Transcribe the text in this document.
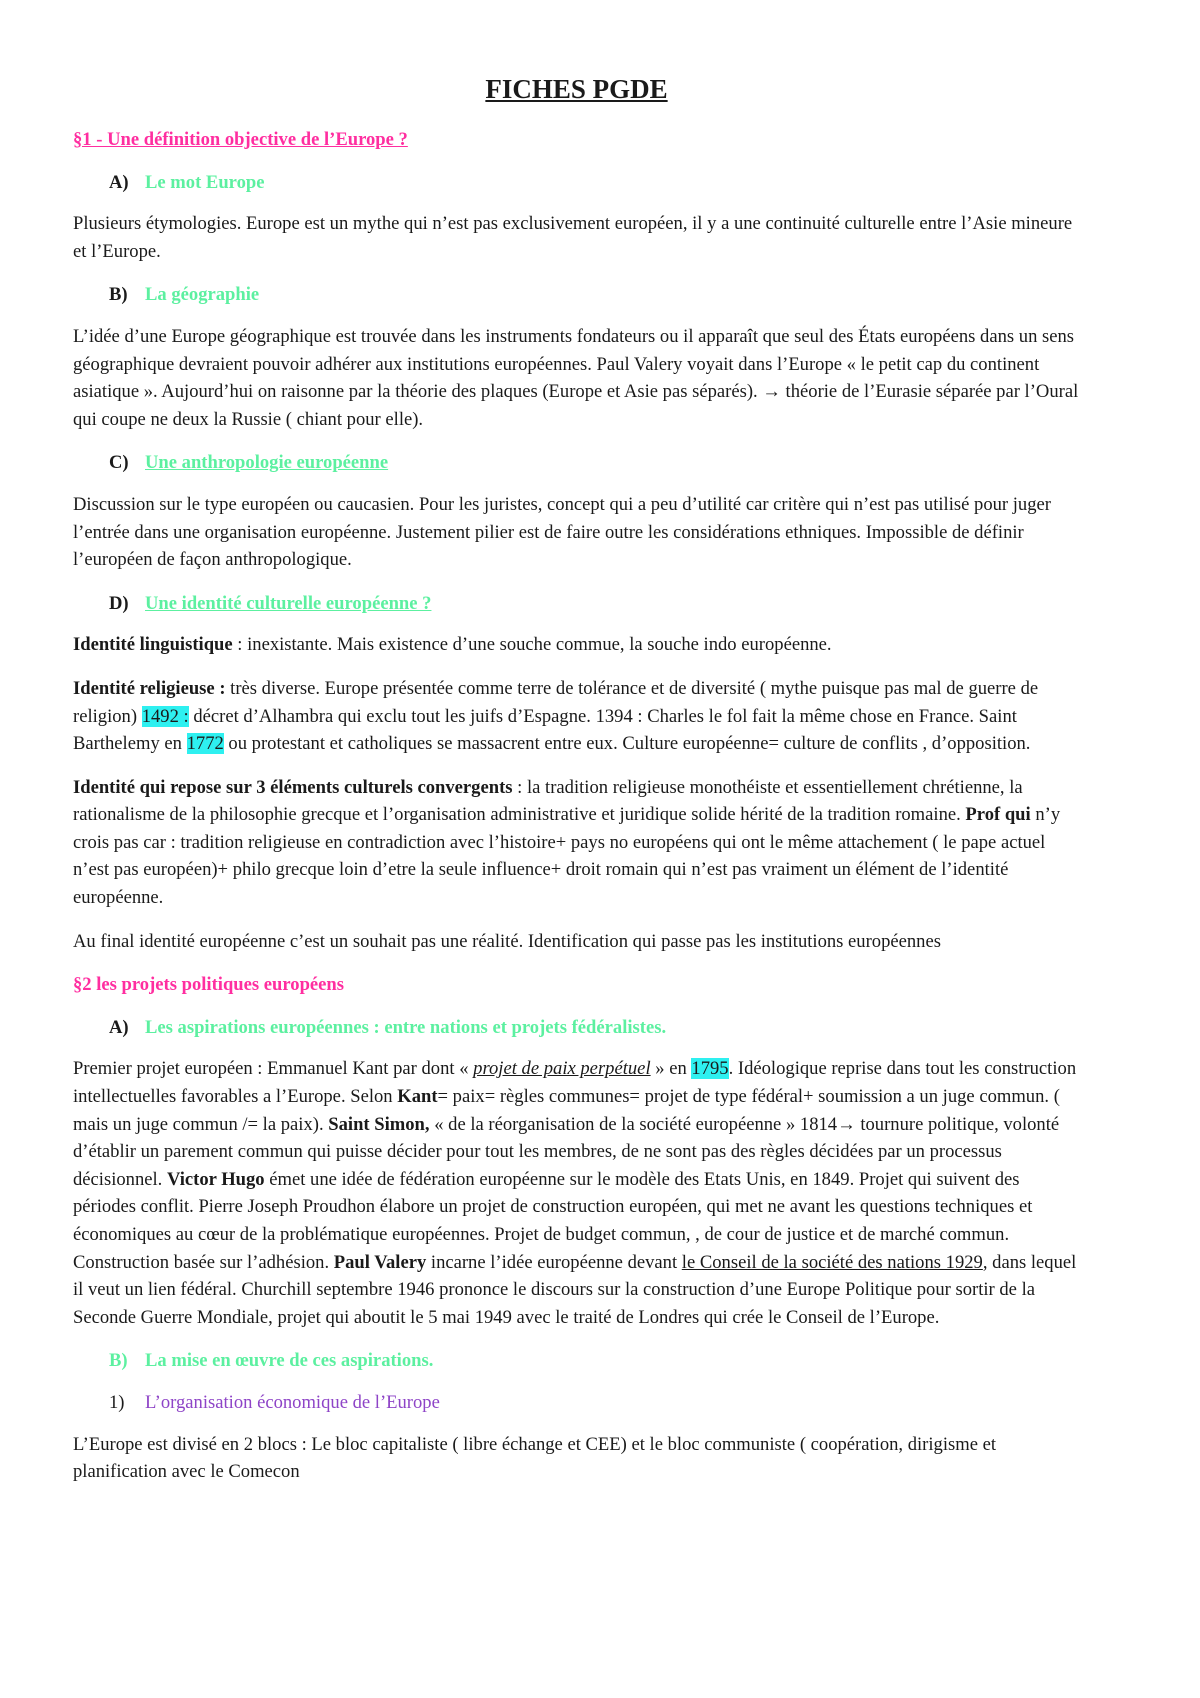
FICHES PGDE
§1 - Une définition objective de l’Europe ?
A) Le mot Europe

Plusieurs étymologies. Europe est un mythe qui n’est pas exclusivement européen, il y a une continuité culturelle entre l’Asie mineure et l’Europe.

B) La géographie

L’idée d’une Europe géographique est trouvée dans les instruments fondateurs ou il apparaît que seul des États européens dans un sens géographique devraient pouvoir adhérer aux institutions européennes. Paul Valery voyait dans l’Europe « le petit cap du continent asiatique ». Aujourd’hui on raisonne par la théorie des plaques (Europe et Asie pas séparés). → théorie de l’Eurasie séparée par l’Oural qui coupe ne deux la Russie ( chiant pour elle).

C) Une anthropologie européenne

Discussion sur le type européen ou caucasien. Pour les juristes, concept qui a peu d’utilité car critère qui n’est pas utilisé pour juger l’entrée dans une organisation européenne. Justement pilier est de faire outre les considérations ethniques. Impossible de définir l’européen de façon anthropologique.

D) Une identité culturelle européenne ?

Identité linguistique : inexistante. Mais existence d’une souche commue, la souche indo européenne.

Identité religieuse : très diverse. Europe présentée comme terre de tolérance et de diversité ( mythe puisque pas mal de guerre de religion) 1492 : décret d’Alhambra qui exclu tout les juifs d’Espagne. 1394 : Charles le fol fait la même chose en France. Saint Barthelemy en 1772 ou protestant et catholiques se massacrent entre eux. Culture européenne= culture de conflits , d’opposition.

Identité qui repose sur 3 éléments culturels convergents : la tradition religieuse monothéiste et essentiellement chrétienne, la rationalisme de la philosophie grecque et l’organisation administrative et juridique solide hérité de la tradition romaine. Prof qui n’y crois pas car : tradition religieuse en contradiction avec l’histoire+ pays no européens qui ont le même attachement ( le pape actuel n’est pas européen)+ philo grecque loin d’etre la seule influence+ droit romain qui n’est pas vraiment un élément de l’identité européenne.

Au final identité européenne c’est un souhait pas une réalité. Identification qui passe pas les institutions européennes

§2 les projets politiques européens
A) Les aspirations européennes : entre nations et projets fédéralistes.

Premier projet européen : Emmanuel Kant par dont « projet de paix perpétuel » en 1795. Idéologique reprise dans tout les construction intellectuelles favorables a l’Europe. Selon Kant= paix= règles communes= projet de type fédéral+ soumission a un juge commun. ( mais un juge commun /= la paix). Saint Simon, « de la réorganisation de la société européenne » 1814→ tournure politique, volonté d’établir un parement commun qui puisse décider pour tout les membres, de ne sont pas des règles décidées par un processus décisionnel. Victor Hugo émet une idée de fédération européenne sur le modèle des Etats Unis, en 1849. Projet qui suivent des périodes conflit. Pierre Joseph Proudhon élabore un projet de construction européen, qui met ne avant les questions techniques et économiques au cœur de la problématique européennes. Projet de budget commun, , de cour de justice et de marché commun. Construction basée sur l’adhésion. Paul Valery incarne l’idée européenne devant le Conseil de la société des nations 1929, dans lequel il veut un lien fédéral. Churchill septembre 1946 prononce le discours sur la construction d’une Europe Politique pour sortir de la Seconde Guerre Mondiale, projet qui aboutit le 5 mai 1949 avec le traité de Londres qui crée le Conseil de l’Europe.

B) La mise en œuvre de ces aspirations.
1) L’organisation économique de l’Europe

L’Europe est divisé en 2 blocs : Le bloc capitaliste ( libre échange et CEE) et le bloc communiste ( coopération, dirigisme et planification avec le Comecon
